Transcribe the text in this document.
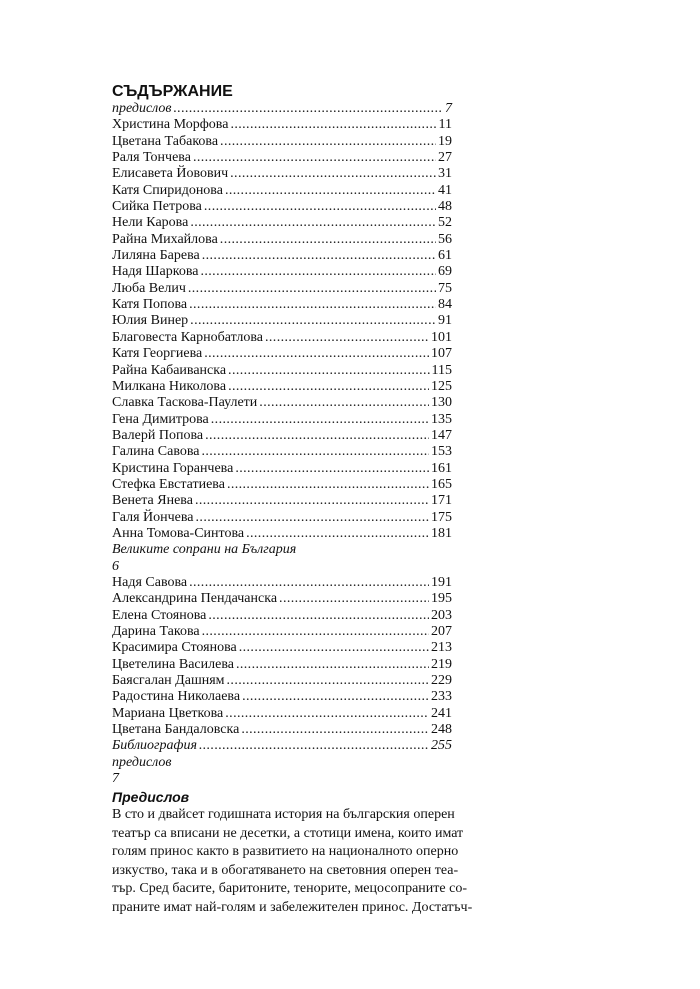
СЪДЪРЖАНИЕ
предислов .....	7
Христина Морфова .....	11
Цветана Табакова .....	19
Раля Тончева .....	27
Елисавета Йовович .....	31
Катя Спиридонова .....	41
Сийка Петрова .....	48
Нели Карова .....	52
Райна Михайлова .....	56
Лиляна Барева .....	61
Надя Шаркова .....	69
Люба Велич .....	75
Катя Попова .....	84
Юлия Винер .....	91
Благовеста Карнобатлова .....	101
Катя Георгиева .....	107
Райна Кабаиванска .....	115
Милкана Николова .....	125
Славка Таскова-Паулети .....	130
Гена Димитрова .....	135
Валерй Попова .....	147
Галина Савова .....	153
Кристина Горанчева .....	161
Стефка Евстатиева .....	165
Венета Янева .....	171
Галя Йончева .....	175
Анна Томова-Синтова .....	181
Великите сопрани на България
6
Надя Савова .....	191
Александрина Пендачанска .....	195
Елена Стоянова .....	203
Дарина Такова .....	207
Красимира Стоянова .....	213
Цветелина Василева .....	219
Баясгалан Дашням .....	229
Радостина Николаева .....	233
Мариана Цветкова .....	241
Цветана Бандаловска .....	248
Библиография .....	255
предислов
7
Предислов
В сто и двайсет годишната история на българския оперен
театър са вписани не десетки, а стотици имена, които имат
голям принос както в развитието на националното оперно
изкуство, така и в обогатяването на световния оперен теа-
тър. Сред басите, баритоните, тенорите, мецосопраните со-
праните имат най-голям и забележителен принос. Достатъч-
